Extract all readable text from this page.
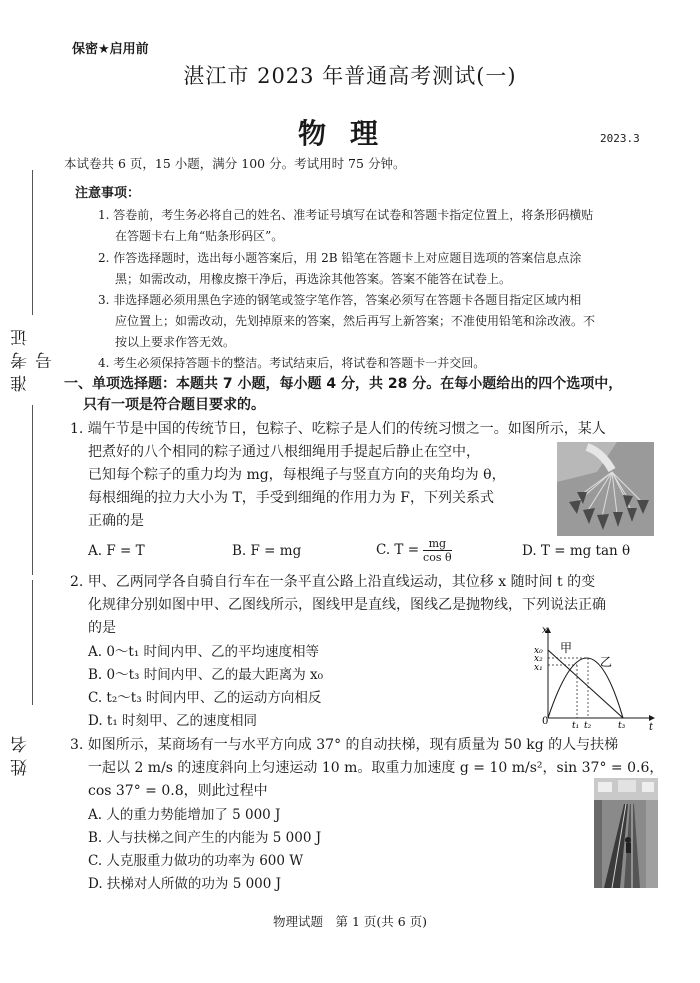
保密★启用前
湛江市 2023 年普通高考测试(一)
物理	2023.3
本试卷共 6 页，15 小题，满分 100 分。考试用时 75 分钟。
准考证号
姓名
注意事项：
1. 答卷前，考生务必将自己的姓名、准考证号填写在试卷和答题卡指定位置上，将条形码横贴
在答题卡右上角“贴条形码区”。
2. 作答选择题时，选出每小题答案后，用 2B 铅笔在答题卡上对应题目选项的答案信息点涂
黑；如需改动，用橡皮擦干净后，再选涂其他答案。答案不能答在试卷上。
3. 非选择题必须用黑色字迹的钢笔或签字笔作答，答案必须写在答题卡各题目指定区域内相
应位置上；如需改动，先划掉原来的答案，然后再写上新答案；不准使用铅笔和涂改液。不
按以上要求作答无效。
4. 考生必须保持答题卡的整洁。考试结束后，将试卷和答题卡一并交回。
一、单项选择题：本题共 7 小题，每小题 4 分，共 28 分。在每小题给出的四个选项中，
只有一项是符合题目要求的。
1. 端午节是中国的传统节日，包粽子、吃粽子是人们的传统习惯之一。如图所示，某人
把煮好的八个相同的粽子通过八根细绳用手提起后静止在空中，
已知每个粽子的重力均为 mg，每根绳子与竖直方向的夹角均为 θ，
每根细绳的拉力大小为 T，手受到细绳的作用力为 F，下列关系式
正确的是
A. F = T	B. F = mg	C. $T = \frac{mg}{\text{cos θ}}$	D. T = mg tan θ
2. 甲、乙两同学各自骑自行车在一条平直公路上沿直线运动，其位移 x 随时间 t 的变
化规律分别如图中甲、乙图线所示，图线甲是直线，图线乙是抛物线，下列说法正确
的是
A. 0～t₁ 时间内甲、乙的平均速度相等
B. 0～t₃ 时间内甲、乙的最大距离为 x₀
C. t₂～t₃ 时间内甲、乙的运动方向相反
D. t₁ 时刻甲、乙的速度相同
x
t
x₀
x₂
x₁
0	t₁ t₂	t₃
甲
乙
3. 如图所示，某商场有一与水平方向成 37° 的自动扶梯，现有质量为 50 kg 的人与扶梯
一起以 2 m/s 的速度斜向上匀速运动 10 m。取重力加速度 g = 10 m/s²，sin 37° = 0.6，
cos 37° = 0.8，则此过程中
A. 人的重力势能增加了 5 000 J
B. 人与扶梯之间产生的内能为 5 000 J
C. 人克服重力做功的功率为 600 W
D. 扶梯对人所做的功为 5 000 J
物理试题　第 1 页(共 6 页)
